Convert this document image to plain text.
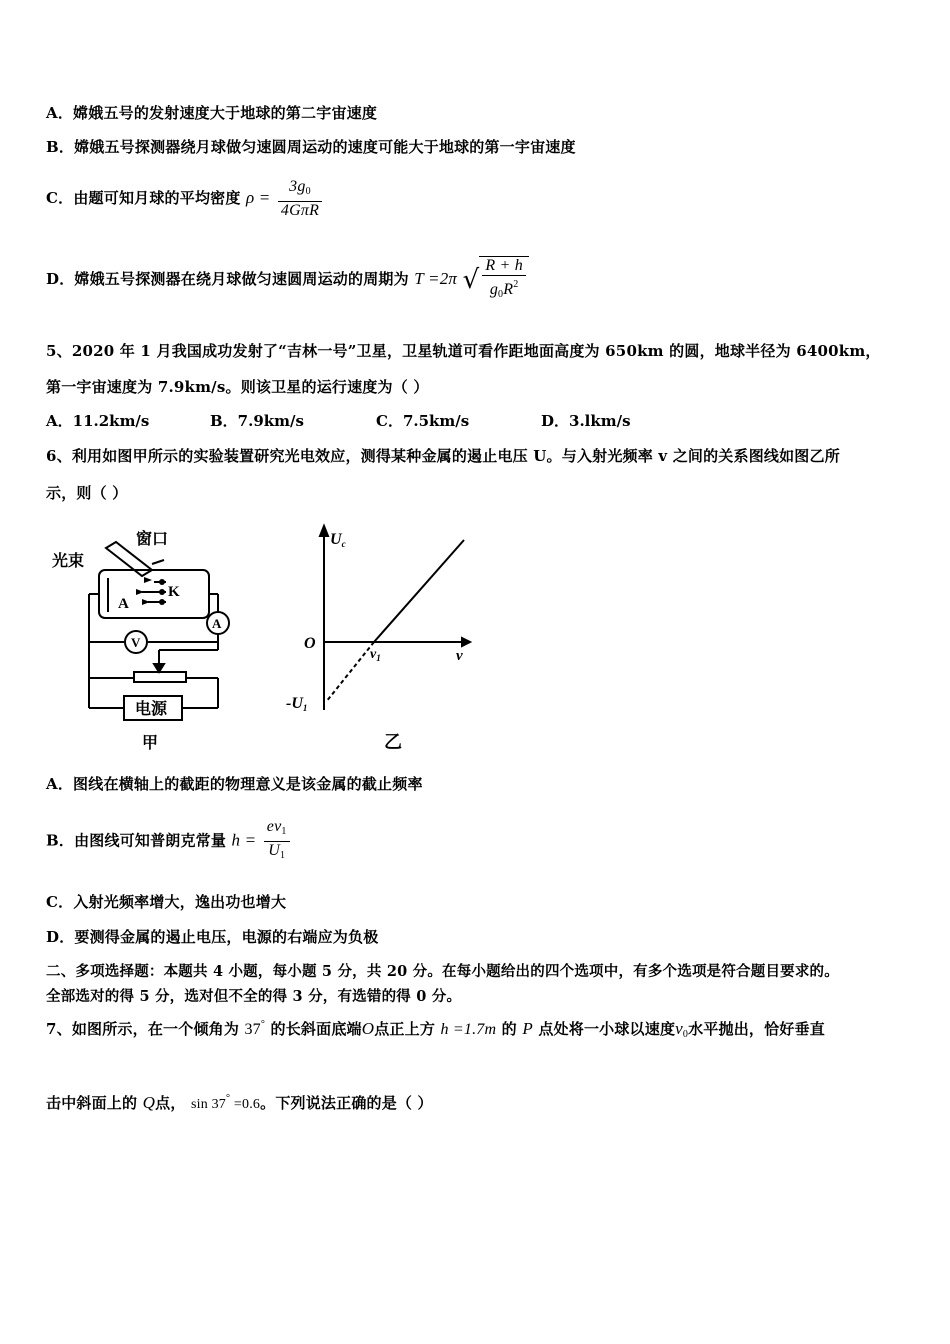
A．嫦娥五号的发射速度大于地球的第二宇宙速度
B．嫦娥五号探测器绕月球做匀速圆周运动的速度可能大于地球的第一宇宙速度
C．由题可知月球的平均密度 $\rho = \frac{3g_0}{\text{4GπR}}$
D．嫦娥五号探测器在绕月球做匀速圆周运动的周期为 T =2π √ $\frac{R + h}{g_0R^2}$
5、2020 年 1 月我国成功发射了“吉林一号”卫星，卫星轨道可看作距地面高度为 650km 的圆，地球半径为 6400km，
第一宇宙速度为 7.9km/s。则该卫星的运行速度为（ ）
A．11.2km/s	B．7.9km/s	C．7.5km/s	D．3.lkm/s
6、利用如图甲所示的实验装置研究光电效应，测得某种金属的遏止电压 U。与入射光频率 v 之间的关系图线如图乙所
示，则（ ）
窗口
光束
A
K
A
V
电源
甲
Uc
O
v
$v_1$
-U1
乙
A．图线在横轴上的截距的物理意义是该金属的截止频率
B．由图线可知普朗克常量 $h = \frac{ev_1}{U_1}$
C．入射光频率增大，逸出功也增大
D．要测得金属的遏止电压，电源的右端应为负极
二、多项选择题：本题共 4 小题，每小题 5 分，共 20 分。在每小题给出的四个选项中，有多个选项是符合题目要求的。
全部选对的得 5 分，选对但不全的得 3 分，有选错的得 0 分。
7、如图所示，在一个倾角为 37° 的长斜面底端O点正上方 h =1.7m 的 P 点处将一小球以速度$v_0$水平抛出，恰好垂直
击中斜面上的 Q点， sin 37° =0.6。下列说法正确的是（ ）
